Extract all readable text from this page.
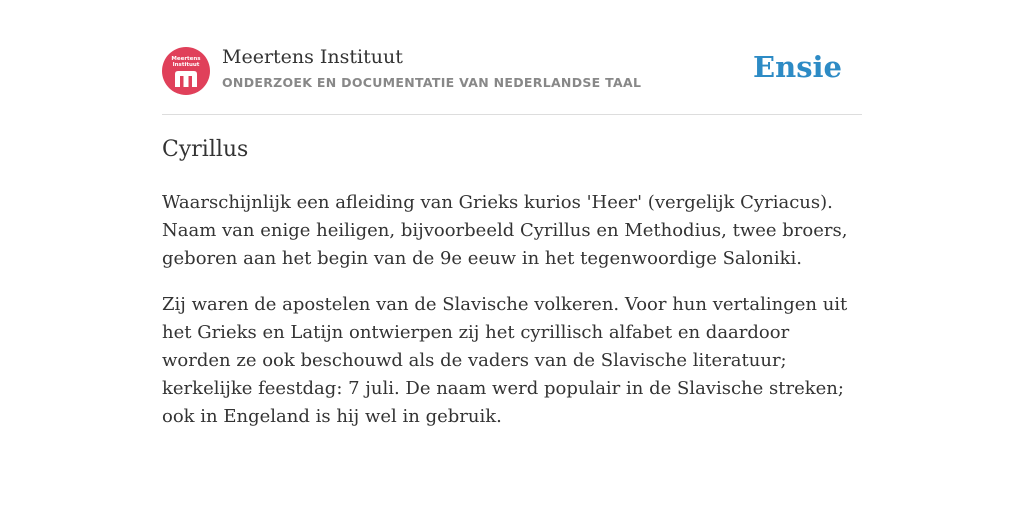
Meertens
Instituut	Meertens Instituut
ONDERZOEK EN DOCUMENTATIE VAN NEDERLANDSE TAAL	Ensie
Cyrillus

Waarschijnlijk een afleiding van Grieks kurios 'Heer' (vergelijk Cyriacus). Naam van enige heiligen, bijvoorbeeld Cyrillus en Methodius, twee broers, geboren aan het begin van de 9e eeuw in het tegenwoordige Saloniki.

Zij waren de apostelen van de Slavische volkeren. Voor hun vertalingen uit het Grieks en Latijn ontwierpen zij het cyrillisch alfabet en daardoor worden ze ook beschouwd als de vaders van de Slavische literatuur; kerkelijke feestdag: 7 juli. De naam werd populair in de Slavische streken; ook in Engeland is hij wel in gebruik.
